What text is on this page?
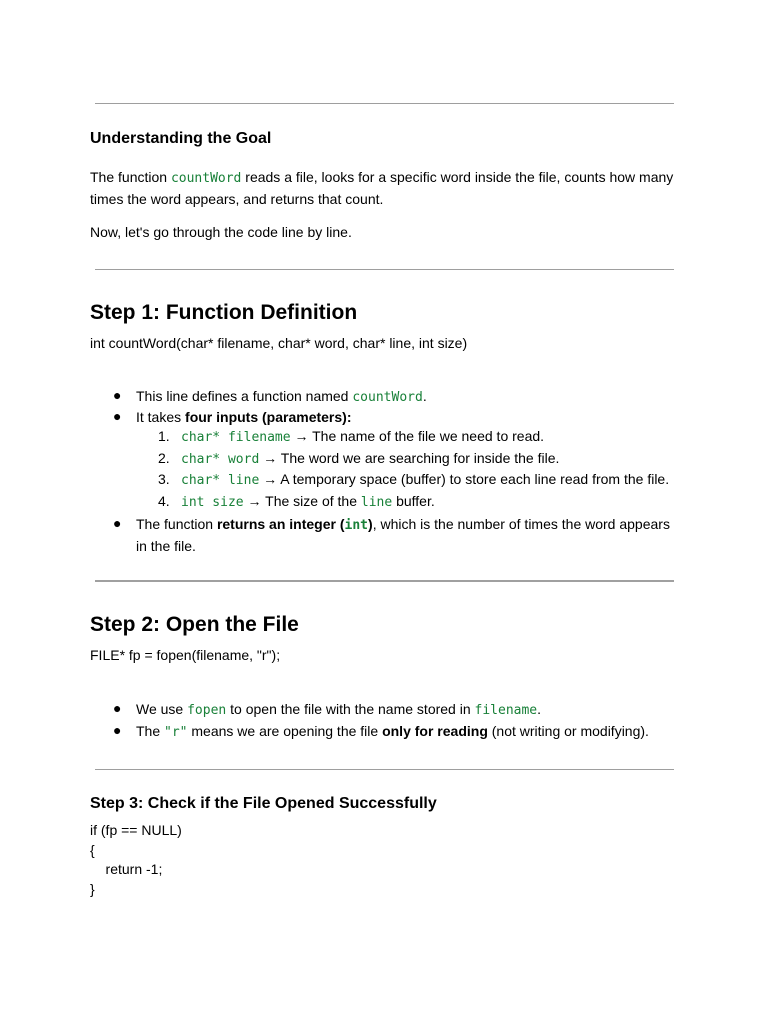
Understanding the Goal
The function countWord reads a file, looks for a specific word inside the file, counts how many
times the word appears, and returns that count.
Now, let's go through the code line by line.
Step 1: Function Definition
int countWord(char* filename, char* word, char* line, int size)
● This line defines a function named countWord.
● It takes four inputs (parameters):
1. char* filename → The name of the file we need to read.
2. char* word → The word we are searching for inside the file.
3. char* line → A temporary space (buffer) to store each line read from the file.
4. int size → The size of the line buffer.
● The function returns an integer (int), which is the number of times the word appears
in the file.
Step 2: Open the File
FILE* fp = fopen(filename, "r");
● We use fopen to open the file with the name stored in filename.
● The "r" means we are opening the file only for reading (not writing or modifying).
Step 3: Check if the File Opened Successfully
if (fp == NULL)
{
return -1;
}
